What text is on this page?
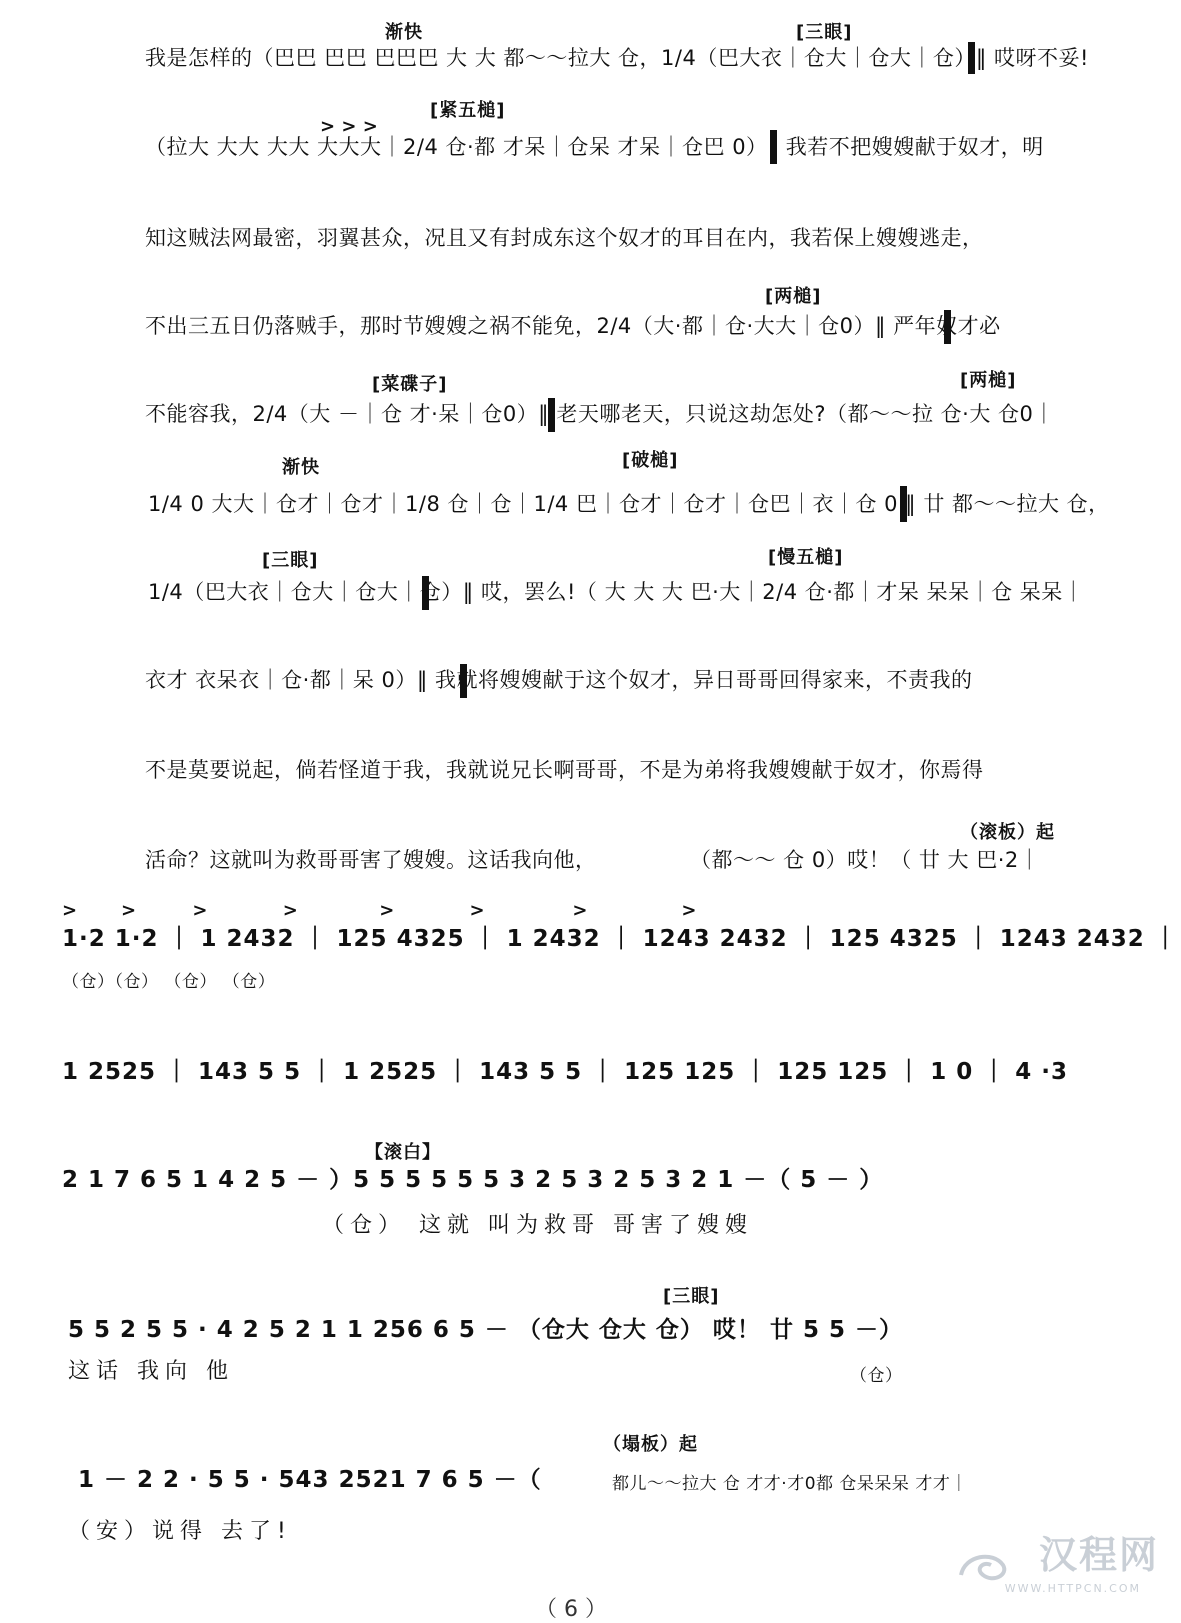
渐快	[三眼]
我是怎样的（巴巴 巴巴 巴巴巴 大 大 都～～拉大 仓，1/4（巴大衣｜仓大｜仓大｜仓）‖ 哎呀不妥!
[紧五槌]
> > >
（拉大 大大 大大 大大大｜2/4 仓·都 才呆｜仓呆 才呆｜仓巴 0）‖ 我若不把嫂嫂献于奴才，明
知这贼法网最密，羽翼甚众，况且又有封成东这个奴才的耳目在内，我若保上嫂嫂逃走，
[两槌]
不出三五日仍落贼手，那时节嫂嫂之祸不能免，2/4（大·都｜仓·大大｜仓0）‖ 严年奴才必
[菜碟子]	[两槌]
不能容我，2/4（大 －｜仓 才·呆｜仓0）‖ 老天哪老天，只说这劫怎处?（都～～拉 仓·大 仓0｜
渐快	[破槌]
1/4 0 大大｜仓才｜仓才｜1/8 仓｜仓｜1/4 巴｜仓才｜仓才｜仓巴｜衣｜仓 0 ‖ 廿 都～～拉大 仓，
[三眼]	[慢五槌]
1/4（巴大衣｜仓大｜仓大｜仓）‖ 哎，罢么!（ 大 大 大 巴·大｜2/4 仓·都｜才呆 呆呆｜仓 呆呆｜
衣才 衣呆衣｜仓·都｜呆 0）‖ 我就将嫂嫂献于这个奴才，异日哥哥回得家来，不责我的
不是莫要说起，倘若怪道于我，我就说兄长啊哥哥，不是为弟将我嫂嫂献于奴才，你焉得
（滚板）起
活命？这就叫为救哥哥害了嫂嫂。这话我向他，	（都～～ 仓 0）哎！（ 廿 大 巴·2｜
>       >         >            >             >            >              >               >
1·2 1·2 ｜ 1 2432 ｜ 125 4325 ｜ 1 2432 ｜ 1243 2432 ｜ 125 4325 ｜ 1243 2432 ｜
（仓）（仓） （仓） （仓）
1 2525 ｜ 143 5 5 ｜ 1 2525 ｜ 143 5 5 ｜ 125 125 ｜ 125 125 ｜ 1 0 ｜ 4 ·3
【滚白】
2 1 7 6 5 1 4 2 5 － ）5 5 5 5 5 5 3 2 5 3 2 5 3 2 1 －（ 5 － ）
（仓） 这就 叫为救哥 哥害了嫂嫂
[三眼]
5 5 2 5 5 · 4 2 5 2 1 1 256 6 5 － （仓大 仓大 仓） 哎！ 廿 5 5 －）
这话 我向 他	（仓）
（塌板）起
1 － 2 2 · 5 5 · 543 2521 7 6 5 －（	都儿～～拉大 仓 才才·才0都 仓呆呆呆 才才｜
（安）说得 去了!
汉程网
WWW.HTTPCN.COM
（ 6 ）
